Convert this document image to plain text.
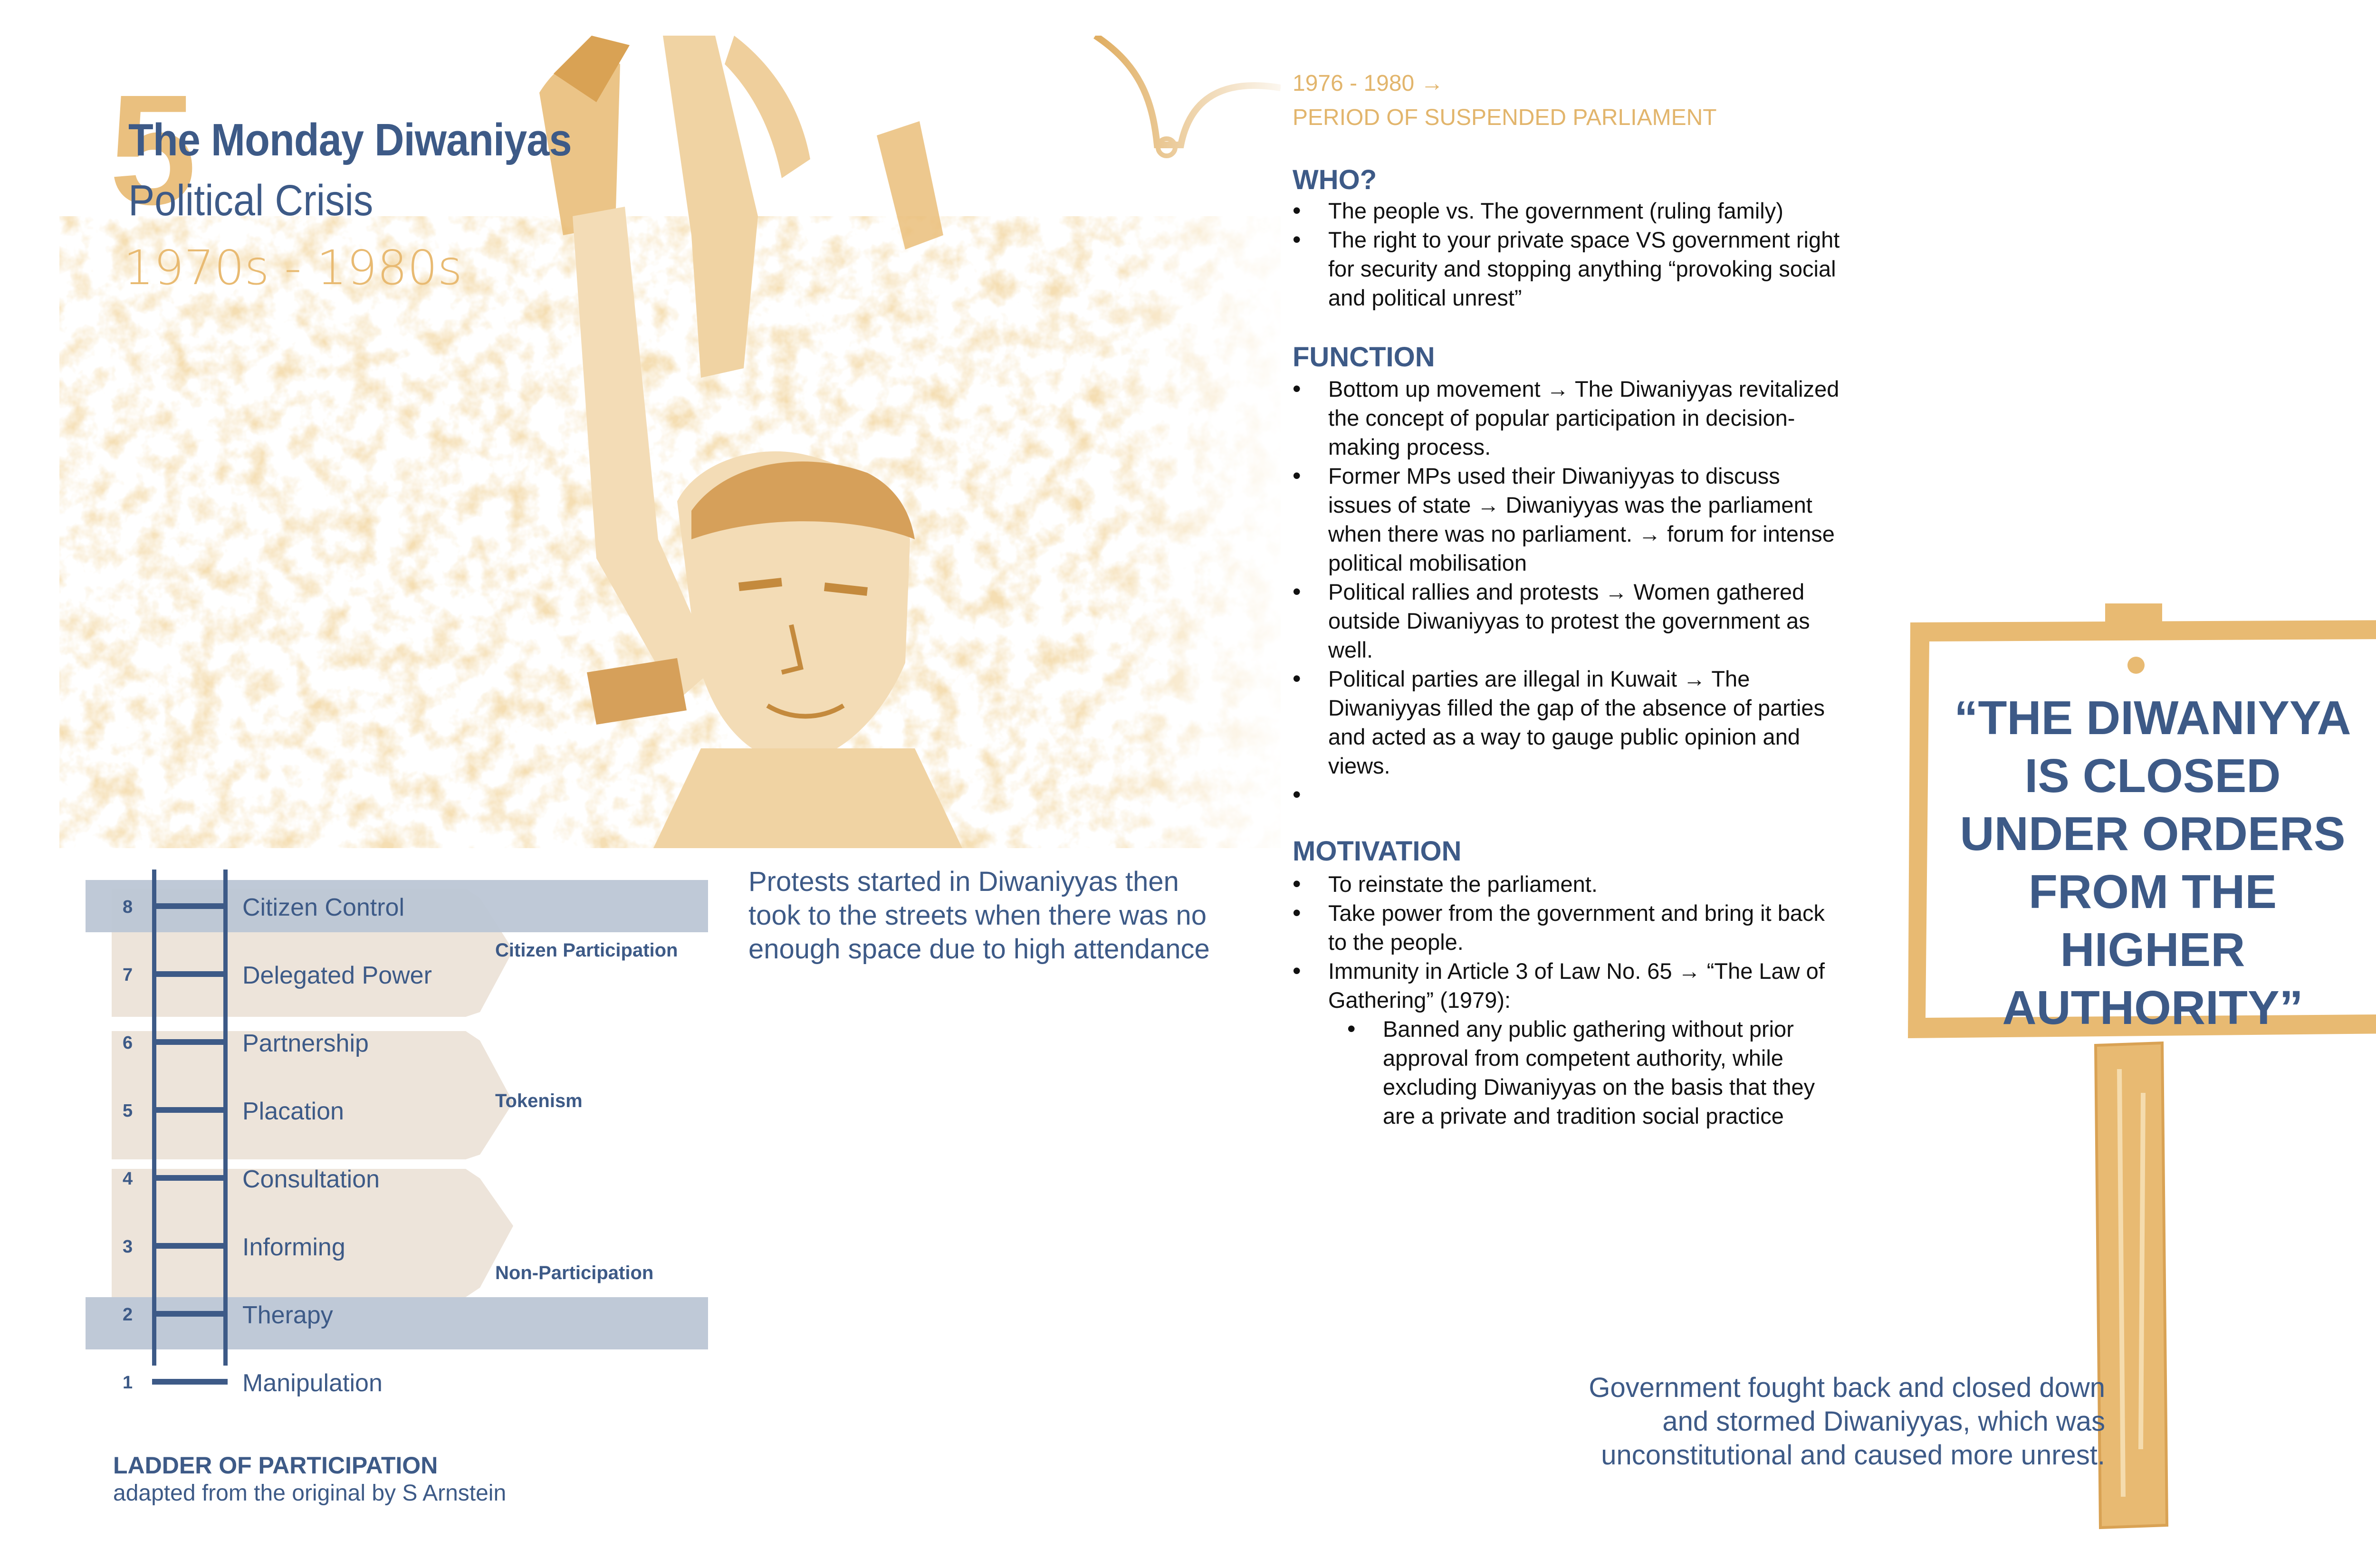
5
The Monday Diwaniyas
Political Crisis
1970s - 1980s
1976 - 1980 →
PERIOD OF SUSPENDED PARLIAMENT
WHO?
• The people vs. The government (ruling family)
• The right to your private space VS government right for security and stopping anything “provoking social and political unrest”
FUNCTION
• Bottom up movement → The Diwaniyyas revitalized the concept of popular participation in decision-making process.
• Former MPs used their Diwaniyyas to discuss issues of state → Diwaniyyas was the parliament when there was no parliament. → forum for intense political mobilisation
• Political rallies and protests → Women gathered outside Diwaniyyas to protest the government as well.
• Political parties are illegal in Kuwait → The Diwaniyyas filled the gap of the absence of parties and acted as a way to gauge public opinion and views.
•
MOTIVATION
• To reinstate the parliament.
• Take power from the government and bring it back to the people.
• Immunity in Article 3 of Law No. 65 → “The Law of Gathering” (1979):
• Banned any public gathering without prior approval from competent authority, while excluding Diwaniyyas on the basis that they are a private and tradition social practice
Protests started in Diwaniyyas then took to the streets when there was no enough space due to high attendance
8	Citizen Control
7	Delegated Power
6	Partnership
5	Placation
4	Consultation
3	Informing
2	Therapy
1	Manipulation
Citizen Participation
Tokenism
Non-Participation
LADDER OF PARTICIPATION
adapted from the original by S Arnstein
“THE DIWANIYYA IS CLOSED UNDER ORDERS FROM THE HIGHER AUTHORITY”
Government fought back and closed down and stormed Diwaniyyas, which was unconstitutional and caused more unrest.
